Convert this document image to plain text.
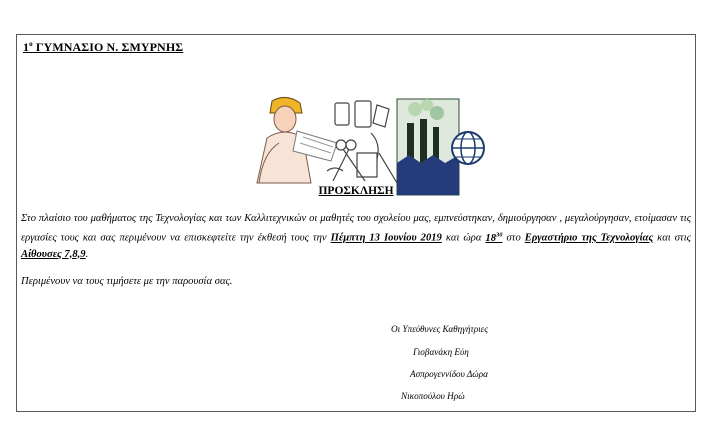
$1^o$ ΓΥΜΝΑΣΙΟ Ν. ΣΜΥΡΝΗΣ
ΠΡΟΣΚΛΗΣΗ
Στο πλαίσιο του μαθήματος της Τεχνολογίας και των Καλλιτεχνικών οι μαθητές του σχολείου μας, εμπνεύστηκαν, δημιούργησαν , μεγαλούργησαν, ετοίμασαν τις εργασίες τους και σας περιμένουν να επισκεφτείτε την έκθεσή τους την Πέμπτη 13 Ιουνίου 2019 και ώρα $18^{30}$ στο Εργαστήριο της Τεχνολογίας και στις Αίθουσες 7,8,9.
Περιμένουν να τους τιμήσετε με την παρουσία σας.
Οι Υπεύθυνες Καθηγήτριες
Γιοβανάκη Εύη
Ασπρογεννίδου Δώρα
Νικοπούλου Ηρώ
